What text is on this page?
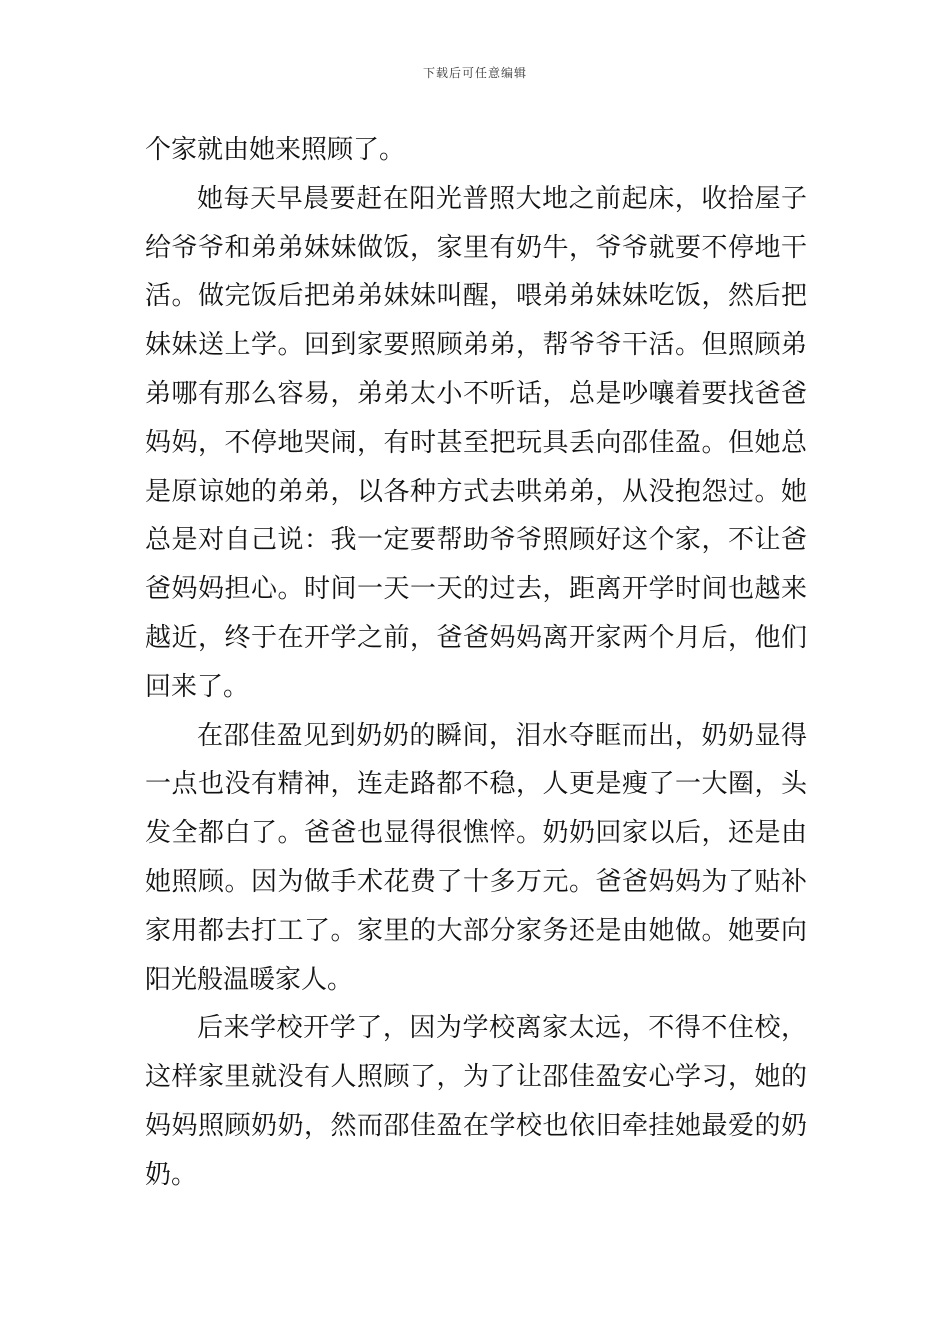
下载后可任意编辑

个家就由她来照顾了。

她每天早晨要赶在阳光普照大地之前起床，收拾屋子给爷爷和弟弟妹妹做饭，家里有奶牛，爷爷就要不停地干活。做完饭后把弟弟妹妹叫醒，喂弟弟妹妹吃饭，然后把妹妹送上学。回到家要照顾弟弟，帮爷爷干活。但照顾弟弟哪有那么容易，弟弟太小不听话，总是吵嚷着要找爸爸妈妈，不停地哭闹，有时甚至把玩具丢向邵佳盈。但她总是原谅她的弟弟，以各种方式去哄弟弟，从没抱怨过。她总是对自己说：我一定要帮助爷爷照顾好这个家，不让爸爸妈妈担心。时间一天一天的过去，距离开学时间也越来越近，终于在开学之前，爸爸妈妈离开家两个月后，他们回来了。

在邵佳盈见到奶奶的瞬间，泪水夺眶而出，奶奶显得一点也没有精神，连走路都不稳，人更是瘦了一大圈，头发全都白了。爸爸也显得很憔悴。奶奶回家以后，还是由她照顾。因为做手术花费了十多万元。爸爸妈妈为了贴补家用都去打工了。家里的大部分家务还是由她做。她要向阳光般温暖家人。

后来学校开学了，因为学校离家太远，不得不住校，这样家里就没有人照顾了，为了让邵佳盈安心学习，她的妈妈照顾奶奶，然而邵佳盈在学校也依旧牵挂她最爱的奶奶。
